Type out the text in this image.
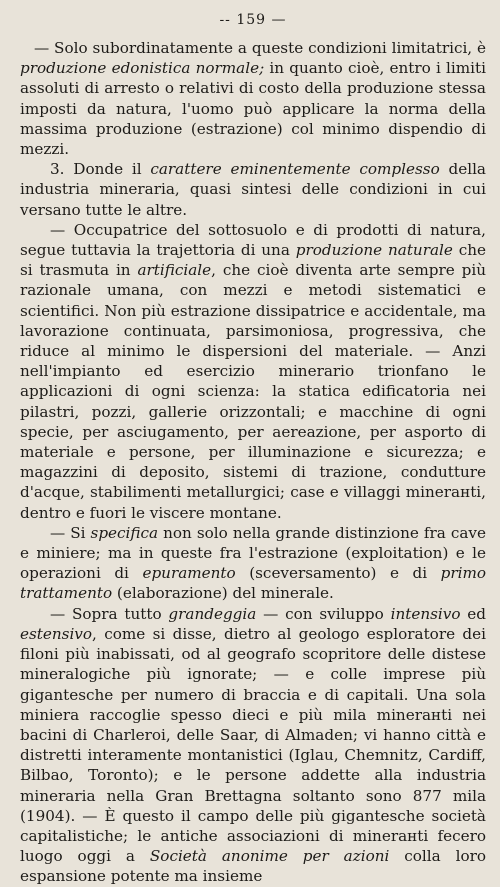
-- 159 —

— Solo subordinatamente a queste condizioni limitatrici, è produzione edonistica normale; in quanto cioè, entro i limiti assoluti di arresto o relativi di costo della produzione stessa imposti da natura, l'uomo può applicare la norma della massima produzione (estrazione) col minimo dispendio di mezzi.

3. Donde il carattere eminentemente complesso della industria mineraria, quasi sintesi delle condizioni in cui versano tutte le altre.

— Occupatrice del sottosuolo e di prodotti di natura, segue tuttavia la trajettoria di una produzione naturale che si trasmuta in artificiale, che cioè diventa arte sempre più razionale umana, con mezzi e metodi sistematici e scientifici. Non più estrazione dissipatrice e accidentale, ma lavorazione continuata, parsimoniosa, progressiva, che riduce al minimo le dispersioni del materiale. — Anzi nell'impianto ed esercizio minerario trionfano le applicazioni di ogni scienza: la statica edificatoria nei pilastri, pozzi, gallerie orizzontali; e macchine di ogni specie, per asciugamento, per aereazione, per asporto di materiale e persone, per illuminazione e sicurezza; e magazzini di deposito, sistemi di trazione, condutture d'acque, stabilimenti metallurgici; case e villaggi minerанti, dentro e fuori le viscere montane.

— Si specifica non solo nella grande distinzione fra cave e miniere; ma in queste fra l'estrazione (exploitation) e le operazioni di epuramento (sceversamento) e di primo trattamento (elaborazione) del minerale.

— Sopra tutto grandeggia — con sviluppo intensivo ed estensivo, come si disse, dietro al geologo esploratore dei filoni più inabissati, od al geografo scopritore delle distese mineralogiche più ignorate; — e colle imprese più gigantesche per numero di braccia e di capitali. Una sola miniera raccoglie spesso dieci e più mila minerанti nei bacini di Charleroi, delle Saar, di Almaden; vi hanno città e distretti interamente montanistici (Iglau, Chemnitz, Cardiff, Bilbao, Toronto); e le persone addette alla industria mineraria nella Gran Brettagna soltanto sono 877 mila (1904). — È questo il campo delle più gigantesche società capitalistiche; le antiche associazioni di minerанti fecero luogo oggi a Società anonime per azioni colla loro espansione potente ma insieme
